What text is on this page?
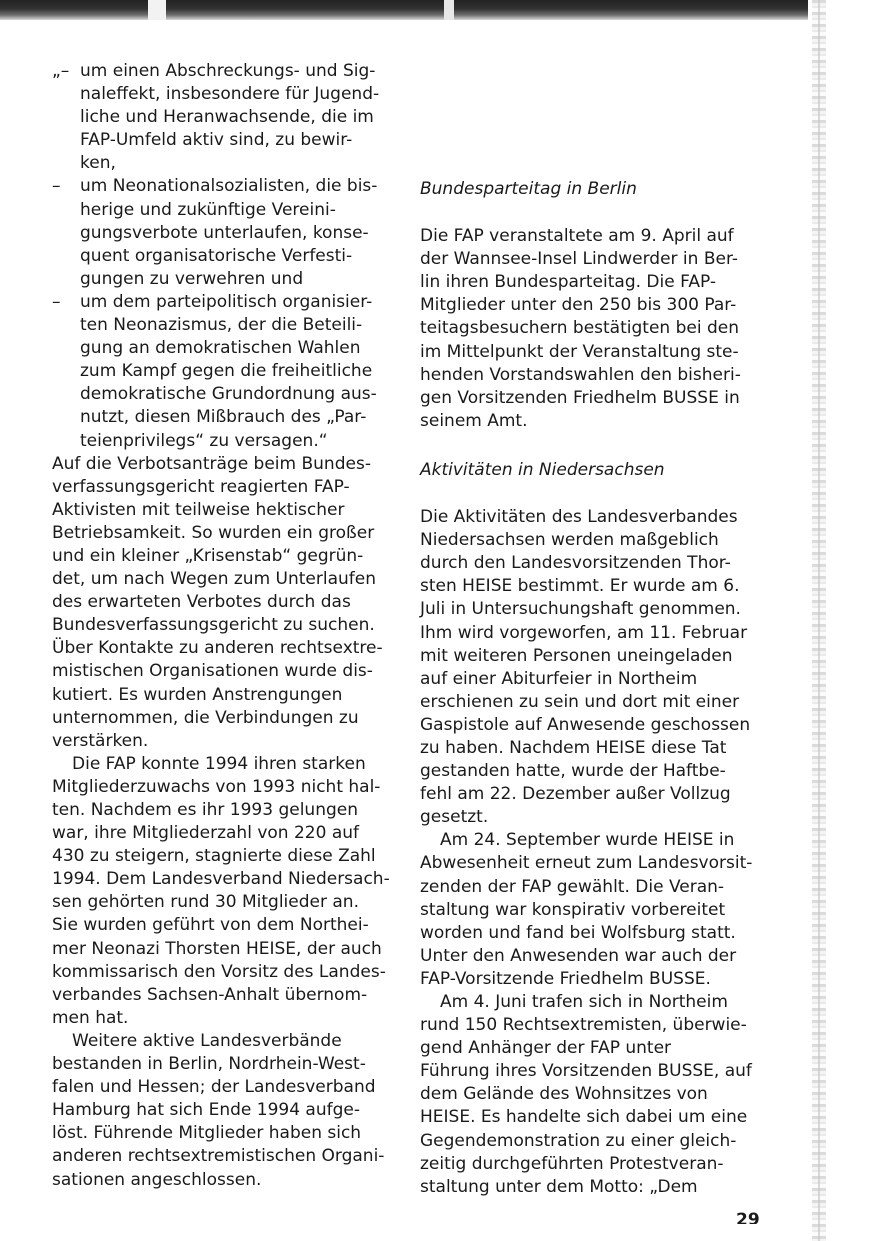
„– um einen Abschreckungs- und Sig-
naleffekt, insbesondere für Jugend-
liche und Heranwachsende, die im
FAP-Umfeld aktiv sind, zu bewir-
ken,
–	um Neonationalsozialisten, die bis-
herige und zukünftige Vereini-
gungsverbote unterlaufen, konse-
quent organisatorische Verfesti-
gungen zu verwehren und
–	um dem parteipolitisch organisier-
ten Neonazismus, der die Beteili-
gung an demokratischen Wahlen
zum Kampf gegen die freiheitliche
demokratische Grundordnung aus-
nutzt, diesen Mißbrauch des „Par-
teienprivilegs“ zu versagen.“
Auf die Verbotsanträge beim Bundes-
verfassungsgericht reagierten FAP-
Aktivisten mit teilweise hektischer
Betriebsamkeit. So wurden ein großer
und ein kleiner „Krisenstab“ gegrün-
det, um nach Wegen zum Unterlaufen
des erwarteten Verbotes durch das
Bundesverfassungsgericht zu suchen.
Über Kontakte zu anderen rechtsextre-
mistischen Organisationen wurde dis-
kutiert. Es wurden Anstrengungen
unternommen, die Verbindungen zu
verstärken.
Die FAP konnte 1994 ihren starken
Mitgliederzuwachs von 1993 nicht hal-
ten. Nachdem es ihr 1993 gelungen
war, ihre Mitgliederzahl von 220 auf
430 zu steigern, stagnierte diese Zahl
1994. Dem Landesverband Niedersach-
sen gehörten rund 30 Mitglieder an.
Sie wurden geführt von dem Northei-
mer Neonazi Thorsten HEISE, der auch
kommissarisch den Vorsitz des Landes-
verbandes Sachsen-Anhalt übernom-
men hat.
Weitere aktive Landesverbände
bestanden in Berlin, Nordrhein-West-
falen und Hessen; der Landesverband
Hamburg hat sich Ende 1994 aufge-
löst. Führende Mitglieder haben sich
anderen rechtsextremistischen Organi-
sationen angeschlossen.
Bundesparteitag in Berlin
Die FAP veranstaltete am 9. April auf
der Wannsee-Insel Lindwerder in Ber-
lin ihren Bundesparteitag. Die FAP-
Mitglieder unter den 250 bis 300 Par-
teitagsbesuchern bestätigten bei den
im Mittelpunkt der Veranstaltung ste-
henden Vorstandswahlen den bisheri-
gen Vorsitzenden Friedhelm BUSSE in
seinem Amt.
Aktivitäten in Niedersachsen
Die Aktivitäten des Landesverbandes
Niedersachsen werden maßgeblich
durch den Landesvorsitzenden Thor-
sten HEISE bestimmt. Er wurde am 6.
Juli in Untersuchungshaft genommen.
Ihm wird vorgeworfen, am 11. Februar
mit weiteren Personen uneingeladen
auf einer Abiturfeier in Northeim
erschienen zu sein und dort mit einer
Gaspistole auf Anwesende geschossen
zu haben. Nachdem HEISE diese Tat
gestanden hatte, wurde der Haftbe-
fehl am 22. Dezember außer Vollzug
gesetzt.
Am 24. September wurde HEISE in
Abwesenheit erneut zum Landesvorsit-
zenden der FAP gewählt. Die Veran-
staltung war konspirativ vorbereitet
worden und fand bei Wolfsburg statt.
Unter den Anwesenden war auch der
FAP-Vorsitzende Friedhelm BUSSE.
Am 4. Juni trafen sich in Northeim
rund 150 Rechtsextremisten, überwie-
gend Anhänger der FAP unter
Führung ihres Vorsitzenden BUSSE, auf
dem Gelände des Wohnsitzes von
HEISE. Es handelte sich dabei um eine
Gegendemonstration zu einer gleich-
zeitig durchgeführten Protestveran-
staltung unter dem Motto: „Dem
29
